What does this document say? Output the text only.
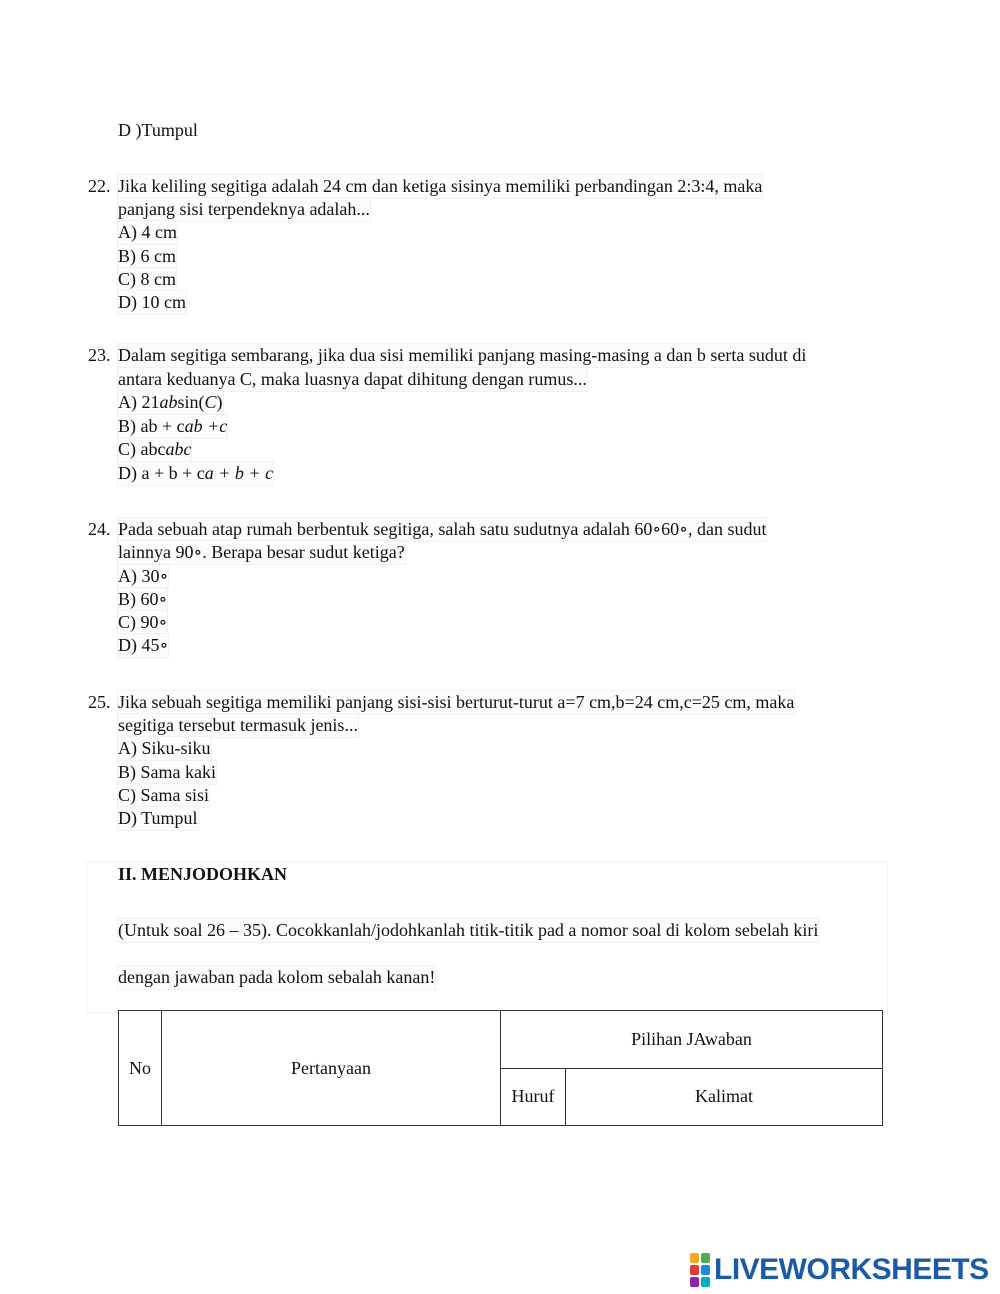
D )Tumpul
22. Jika keliling segitiga adalah 24 cm dan ketiga sisinya memiliki perbandingan 2:3:4, maka
panjang sisi terpendeknya adalah...
A) 4 cm
B) 6 cm
C) 8 cm
D) 10 cm
23. Dalam segitiga sembarang, jika dua sisi memiliki panjang masing-masing a dan b serta sudut di
antara keduanya C, maka luasnya dapat dihitung dengan rumus...
A) 21absin(C)
B) ab + cab +c
C) abcabc
D) a + b + ca + b + c
24. Pada sebuah atap rumah berbentuk segitiga, salah satu sudutnya adalah 60∘60∘, dan sudut
lainnya 90∘. Berapa besar sudut ketiga?
A) 30∘
B) 60∘
C) 90∘
D) 45∘
25. Jika sebuah segitiga memiliki panjang sisi-sisi berturut-turut a=7 cm,b=24 cm,c=25 cm, maka
segitiga tersebut termasuk jenis...
A) Siku-siku
B) Sama kaki
C) Sama sisi
D) Tumpul
II. MENJODOHKAN
(Untuk soal 26 – 35). Cocokkanlah/jodohkanlah titik-titik pad a nomor soal di kolom sebelah kiri
dengan jawaban pada kolom sebalah kanan!
No	Pertanyaan	Pilihan JAwaban	
		Huruf	Kalimat
LIVEWORKSHEETS
